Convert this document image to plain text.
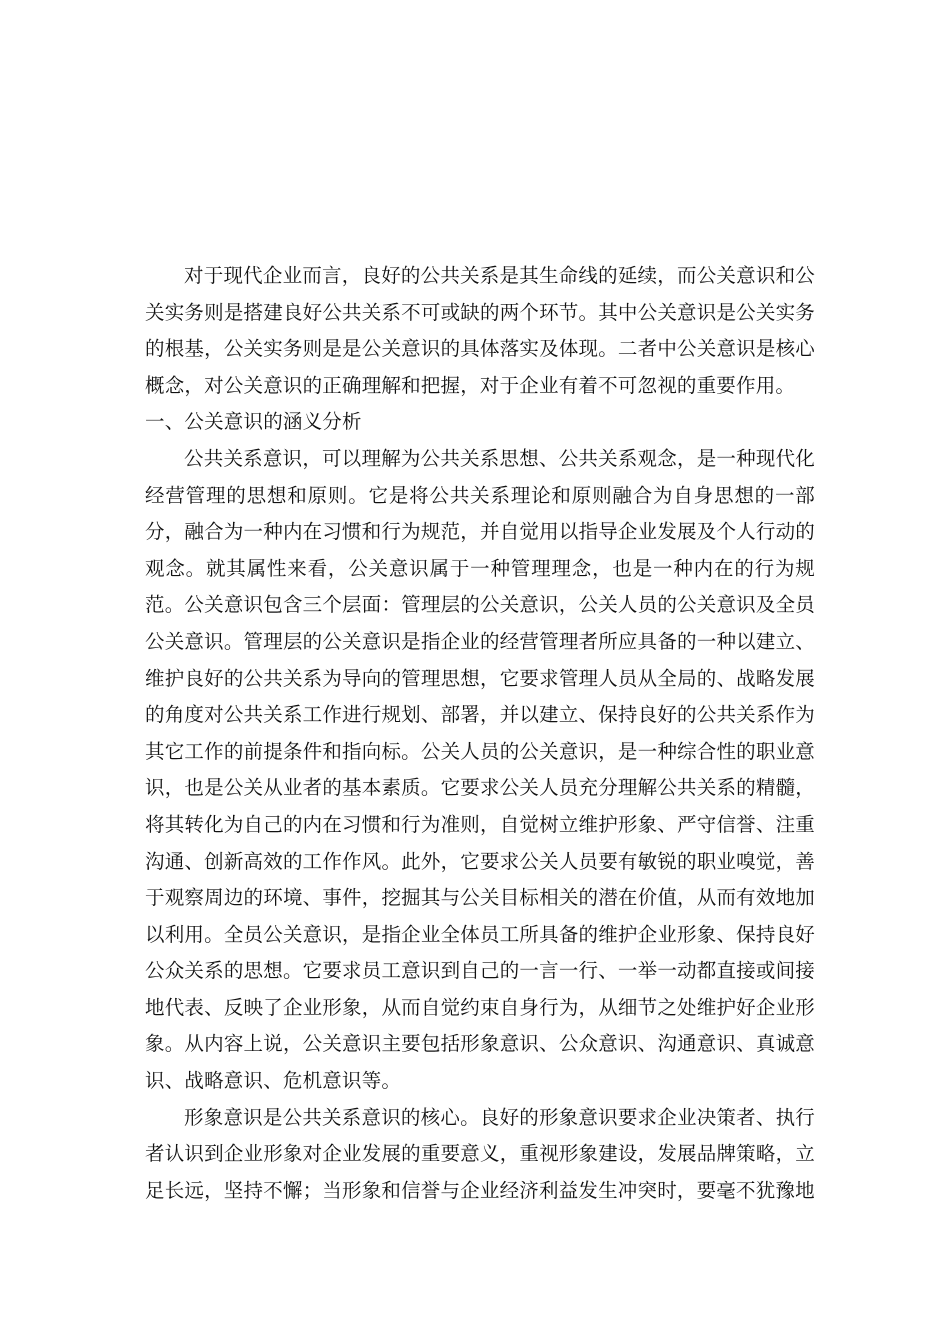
对于现代企业而言，良好的公共关系是其生命线的延续，而公关意识和公关实务则是搭建良好公共关系不可或缺的两个环节。其中公关意识是公关实务的根基，公关实务则是是公关意识的具体落实及体现。二者中公关意识是核心概念，对公关意识的正确理解和把握，对于企业有着不可忽视的重要作用。

一、公关意识的涵义分析

公共关系意识，可以理解为公共关系思想、公共关系观念，是一种现代化经营管理的思想和原则。它是将公共关系理论和原则融合为自身思想的一部分，融合为一种内在习惯和行为规范，并自觉用以指导企业发展及个人行动的观念。就其属性来看，公关意识属于一种管理理念，也是一种内在的行为规范。公关意识包含三个层面：管理层的公关意识，公关人员的公关意识及全员公关意识。管理层的公关意识是指企业的经营管理者所应具备的一种以建立、维护良好的公共关系为导向的管理思想，它要求管理人员从全局的、战略发展的角度对公共关系工作进行规划、部署，并以建立、保持良好的公共关系作为其它工作的前提条件和指向标。公关人员的公关意识，是一种综合性的职业意识，也是公关从业者的基本素质。它要求公关人员充分理解公共关系的精髓，将其转化为自己的内在习惯和行为准则，自觉树立维护形象、严守信誉、注重沟通、创新高效的工作作风。此外，它要求公关人员要有敏锐的职业嗅觉，善于观察周边的环境、事件，挖掘其与公关目标相关的潜在价值，从而有效地加以利用。全员公关意识，是指企业全体员工所具备的维护企业形象、保持良好公众关系的思想。它要求员工意识到自己的一言一行、一举一动都直接或间接地代表、反映了企业形象，从而自觉约束自身行为，从细节之处维护好企业形象。从内容上说，公关意识主要包括形象意识、公众意识、沟通意识、真诚意识、战略意识、危机意识等。

形象意识是公共关系意识的核心。良好的形象意识要求企业决策者、执行者认识到企业形象对企业发展的重要意义，重视形象建设，发展品牌策略，立足长远，坚持不懈；当形象和信誉与企业经济利益发生冲突时，要毫不犹豫地
